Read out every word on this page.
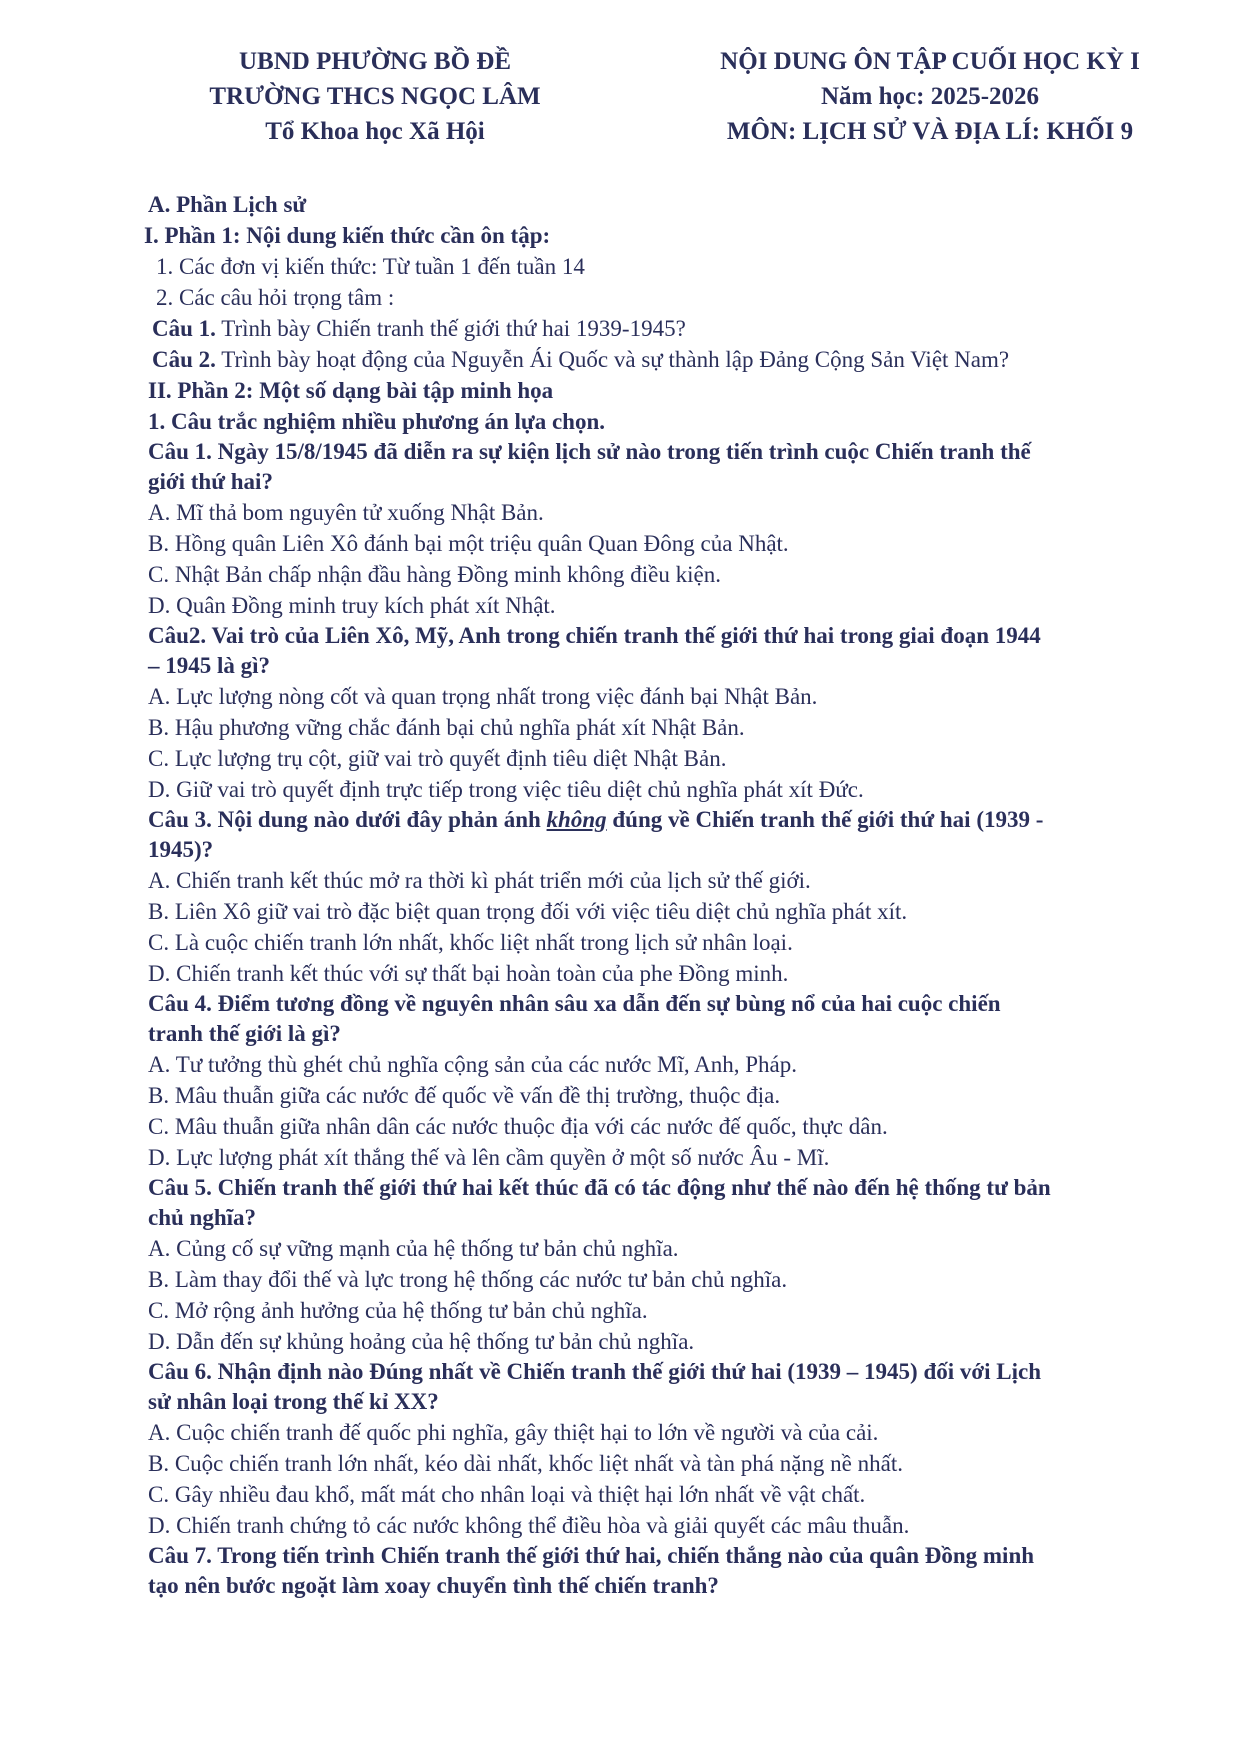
UBND PHƯỜNG BỒ ĐỀ
TRƯỜNG THCS NGỌC LÂM
Tổ Khoa học Xã Hội
NỘI DUNG ÔN TẬP CUỐI HỌC KỲ I
Năm học: 2025-2026
MÔN: LỊCH SỬ VÀ ĐỊA LÍ: KHỐI 9
A. Phần Lịch sử
I. Phần 1: Nội dung kiến thức cần ôn tập:
1. Các đơn vị kiến thức: Từ tuần 1 đến tuần 14
2. Các câu hỏi trọng tâm :
Câu 1. Trình bày Chiến tranh thế giới thứ hai 1939-1945?
Câu 2. Trình bày hoạt động của Nguyễn Ái Quốc và sự thành lập Đảng Cộng Sản Việt Nam?
II. Phần 2: Một số dạng bài tập minh họa
1. Câu trắc nghiệm nhiều phương án lựa chọn.
Câu 1. Ngày 15/8/1945 đã diễn ra sự kiện lịch sử nào trong tiến trình cuộc Chiến tranh thế
giới thứ hai?
A. Mĩ thả bom nguyên tử xuống Nhật Bản.
B. Hồng quân Liên Xô đánh bại một triệu quân Quan Đông của Nhật.
C. Nhật Bản chấp nhận đầu hàng Đồng minh không điều kiện.
D. Quân Đồng minh truy kích phát xít Nhật.
Câu2. Vai trò của Liên Xô, Mỹ, Anh trong chiến tranh thế giới thứ hai trong giai đoạn 1944
– 1945 là gì?
A. Lực lượng nòng cốt và quan trọng nhất trong việc đánh bại Nhật Bản.
B. Hậu phương vững chắc đánh bại chủ nghĩa phát xít Nhật Bản.
C. Lực lượng trụ cột, giữ vai trò quyết định tiêu diệt Nhật Bản.
D. Giữ vai trò quyết định trực tiếp trong việc tiêu diệt chủ nghĩa phát xít Đức.
Câu 3. Nội dung nào dưới đây phản ánh không đúng về Chiến tranh thế giới thứ hai (1939 -
1945)?
A. Chiến tranh kết thúc mở ra thời kì phát triển mới của lịch sử thế giới.
B. Liên Xô giữ vai trò đặc biệt quan trọng đối với việc tiêu diệt chủ nghĩa phát xít.
C. Là cuộc chiến tranh lớn nhất, khốc liệt nhất trong lịch sử nhân loại.
D. Chiến tranh kết thúc với sự thất bại hoàn toàn của phe Đồng minh.
Câu 4. Điểm tương đồng về nguyên nhân sâu xa dẫn đến sự bùng nổ của hai cuộc chiến
tranh thế giới là gì?
A. Tư tưởng thù ghét chủ nghĩa cộng sản của các nước Mĩ, Anh, Pháp.
B. Mâu thuẫn giữa các nước đế quốc về vấn đề thị trường, thuộc địa.
C. Mâu thuẫn giữa nhân dân các nước thuộc địa với các nước đế quốc, thực dân.
D. Lực lượng phát xít thắng thế và lên cầm quyền ở một số nước Âu - Mĩ.
Câu 5. Chiến tranh thế giới thứ hai kết thúc đã có tác động như thế nào đến hệ thống tư bản
chủ nghĩa?
A. Củng cố sự vững mạnh của hệ thống tư bản chủ nghĩa.
B. Làm thay đổi thế và lực trong hệ thống các nước tư bản chủ nghĩa.
C. Mở rộng ảnh hưởng của hệ thống tư bản chủ nghĩa.
D. Dẫn đến sự khủng hoảng của hệ thống tư bản chủ nghĩa.
Câu 6. Nhận định nào Đúng nhất về Chiến tranh thế giới thứ hai (1939 – 1945) đối với Lịch
sử nhân loại trong thế kỉ XX?
A. Cuộc chiến tranh đế quốc phi nghĩa, gây thiệt hại to lớn về người và của cải.
B. Cuộc chiến tranh lớn nhất, kéo dài nhất, khốc liệt nhất và tàn phá nặng nề nhất.
C. Gây nhiều đau khổ, mất mát cho nhân loại và thiệt hại lớn nhất về vật chất.
D. Chiến tranh chứng tỏ các nước không thể điều hòa và giải quyết các mâu thuẫn.
Câu 7. Trong tiến trình Chiến tranh thế giới thứ hai, chiến thắng nào của quân Đồng minh
tạo nên bước ngoặt làm xoay chuyển tình thế chiến tranh?
